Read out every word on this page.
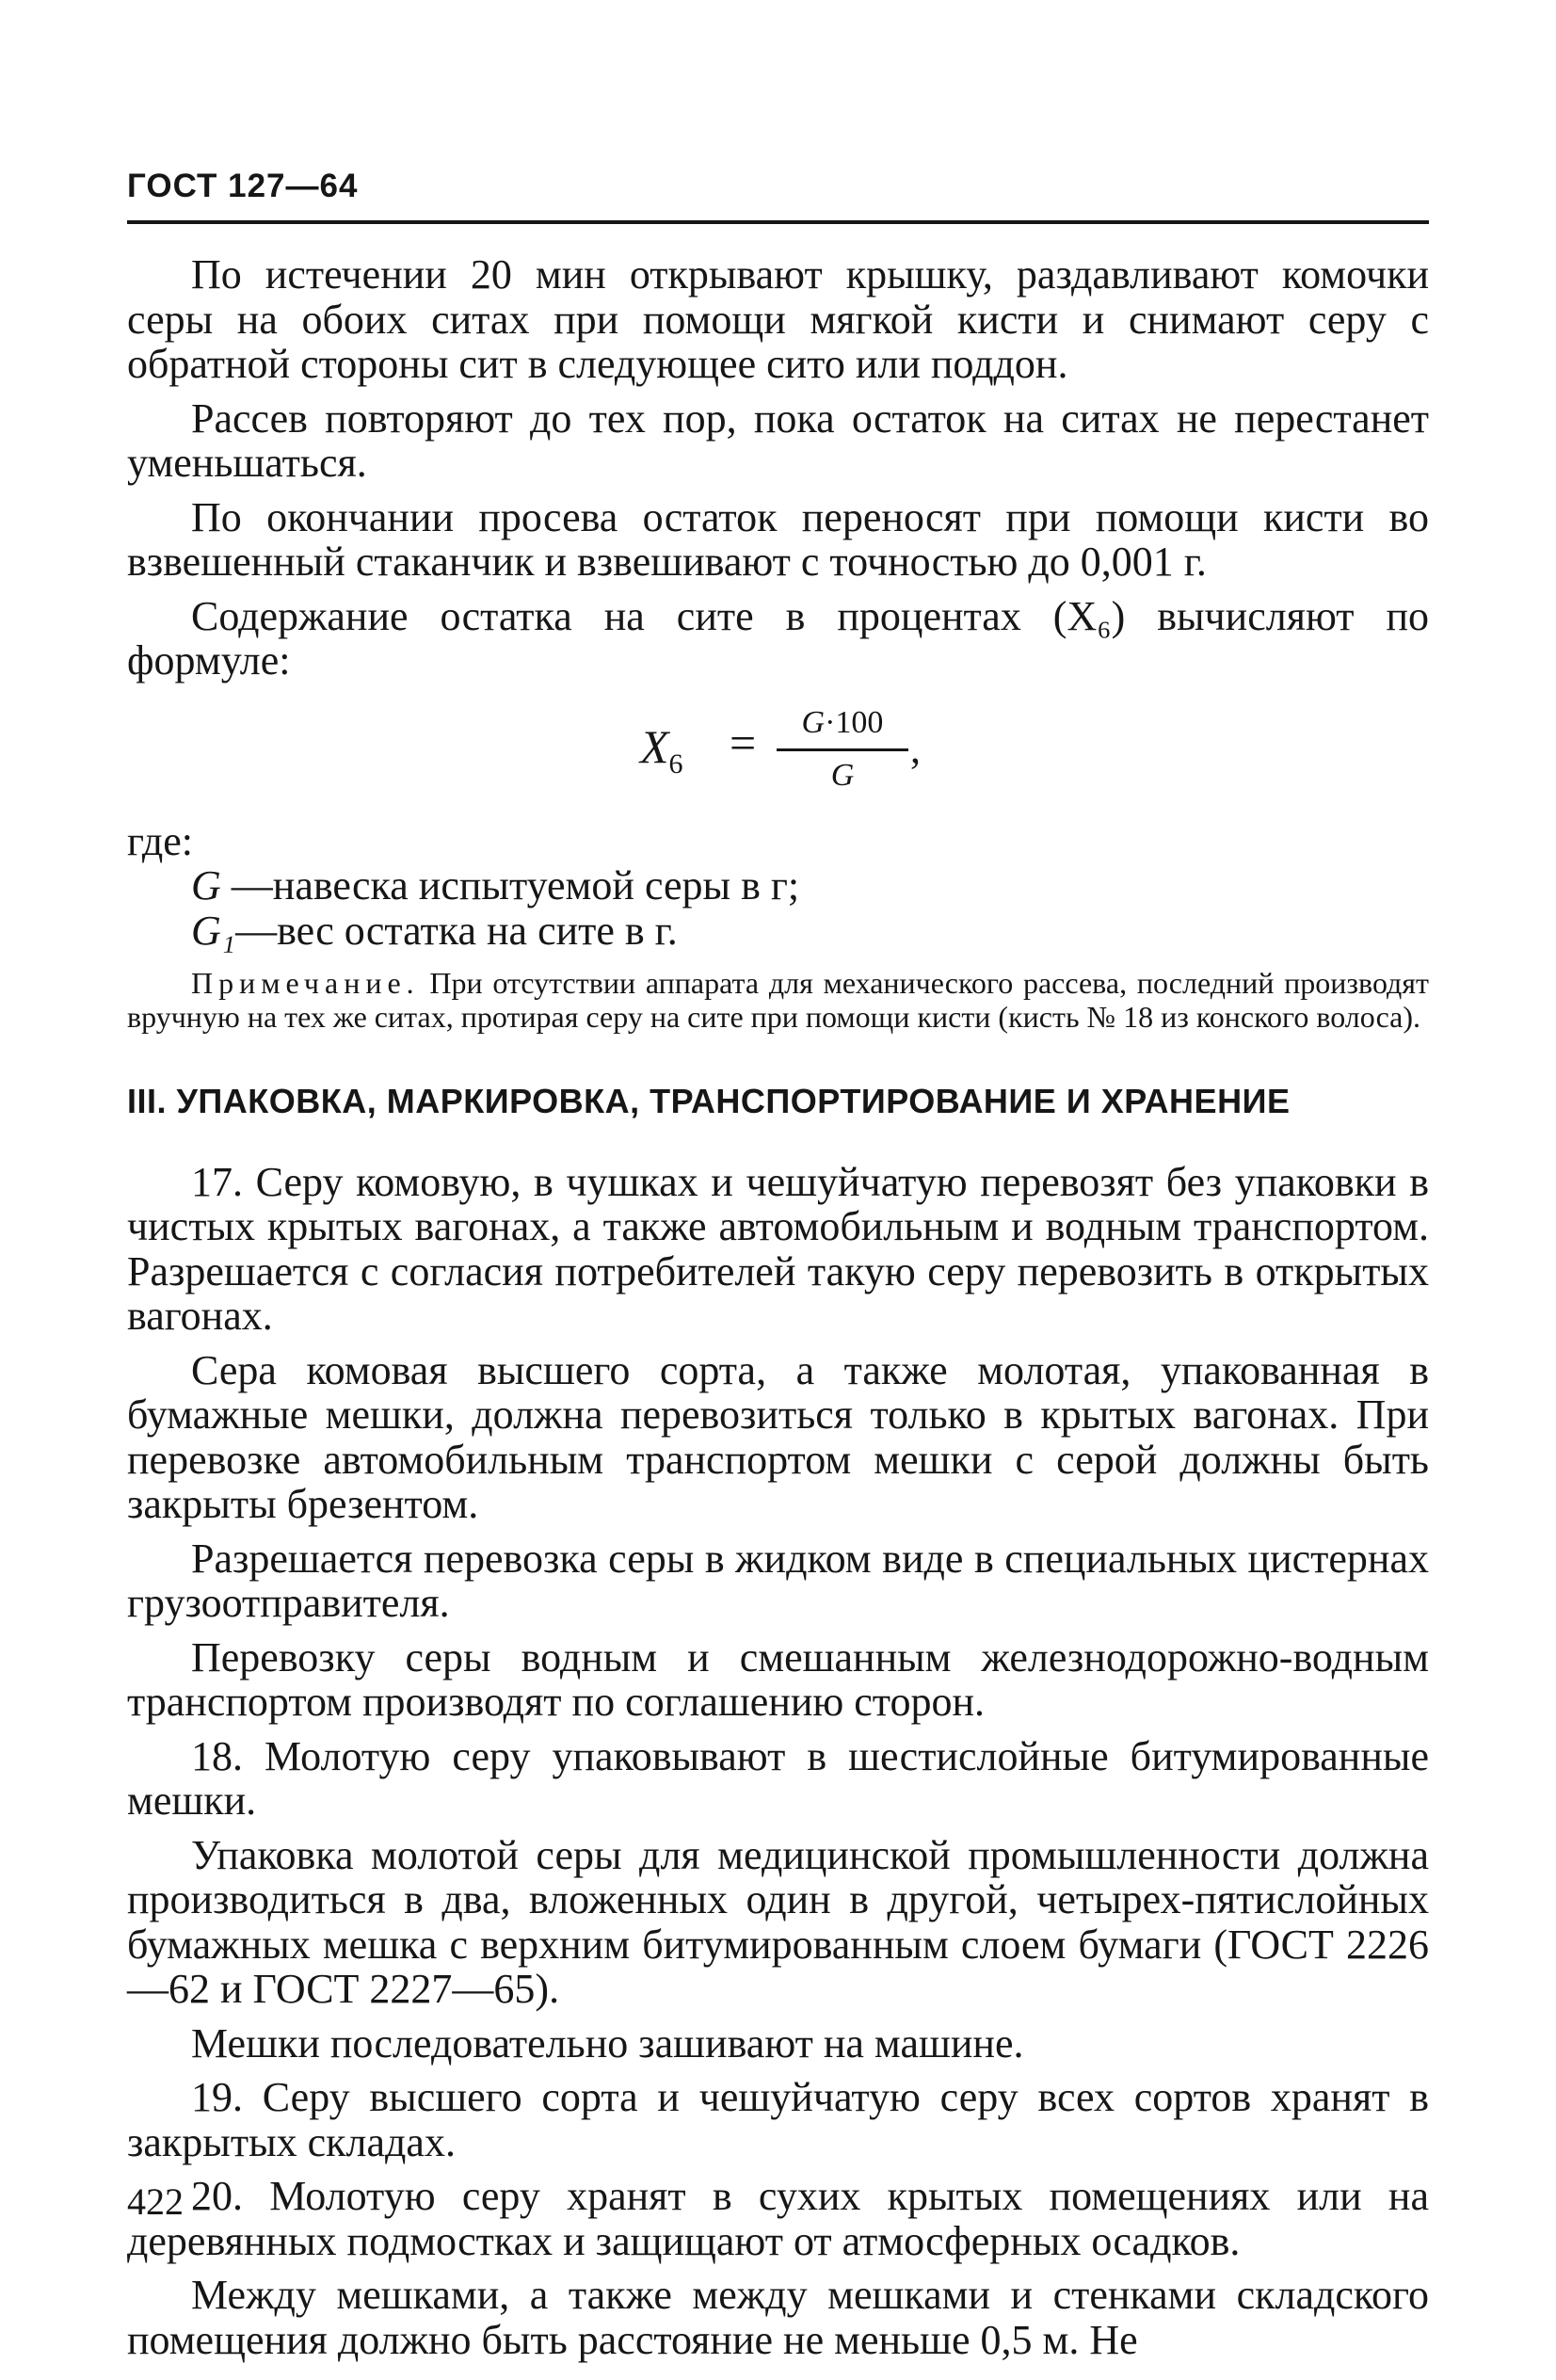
ГОСТ 127—64

По истечении 20 мин открывают крышку, раздавливают комочки серы на обоих ситах при помощи мягкой кисти и снимают серу с обратной стороны сит в следующее сито или поддон.

Рассев повторяют до тех пор, пока остаток на ситах не перестанет уменьшаться.

По окончании просева остаток переносят при помощи кисти во взвешенный стаканчик и взвешивают с точностью до 0,001 г.

Содержание остатка на сите в процентах (X₆) вычисляют по формуле:

$X_6$ =	G·100
G
,

где:

G —навеска испытуемой серы в г;

G₁—вес остатка на сите в г.

Примечание. При отсутствии аппарата для механического рассева, последний производят вручную на тех же ситах, протирая серу на сите при помощи кисти (кисть № 18 из конского волоса).

III. УПАКОВКА, МАРКИРОВКА, ТРАНСПОРТИРОВАНИЕ И ХРАНЕНИЕ

17. Серу комовую, в чушках и чешуйчатую перевозят без упаковки в чистых крытых вагонах, а также автомобильным и водным транспортом. Разрешается с согласия потребителей такую серу перевозить в открытых вагонах.

Сера комовая высшего сорта, а также молотая, упакованная в бумажные мешки, должна перевозиться только в крытых вагонах. При перевозке автомобильным транспортом мешки с серой должны быть закрыты брезентом.

Разрешается перевозка серы в жидком виде в специальных цистернах грузоотправителя.

Перевозку серы водным и смешанным железнодорожно-водным транспортом производят по соглашению сторон.

18. Молотую серу упаковывают в шестислойные битумированные мешки.

Упаковка молотой серы для медицинской промышленности должна производиться в два, вложенных один в другой, четырех-пятислойных бумажных мешка с верхним битумированным слоем бумаги (ГОСТ 2226—62 и ГОСТ 2227—65).

Мешки последовательно зашивают на машине.

19. Серу высшего сорта и чешуйчатую серу всех сортов хранят в закрытых складах.

20. Молотую серу хранят в сухих крытых помещениях или на деревянных подмостках и защищают от атмосферных осадков.

Между мешками, а также между мешками и стенками складского помещения должно быть расстояние не меньше 0,5 м. Не

422
